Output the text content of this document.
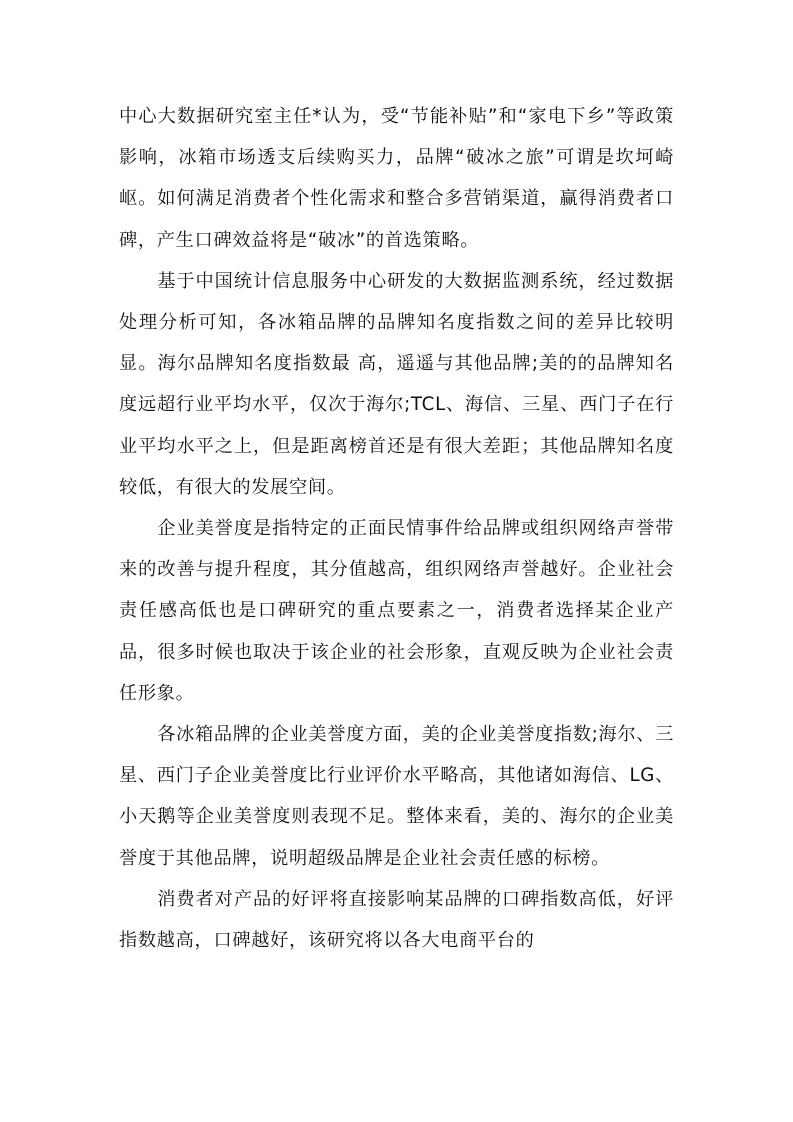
中心大数据研究室主任*认为，受“节能补贴”和“家电下乡”等政策影响，冰箱市场透支后续购买力，品牌“破冰之旅”可谓是坎坷崎岖。如何满足消费者个性化需求和整合多营销渠道，赢得消费者口碑，产生口碑效益将是“破冰”的首选策略。

基于中国统计信息服务中心研发的大数据监测系统，经过数据处理分析可知，各冰箱品牌的品牌知名度指数之间的差异比较明显。海尔品牌知名度指数最 高，遥遥与其他品牌;美的的品牌知名度远超行业平均水平，仅次于海尔;TCL、海信、三星、西门子在行业平均水平之上，但是距离榜首还是有很大差距；其他品牌知名度较低，有很大的发展空间。

企业美誉度是指特定的正面民情事件给品牌或组织网络声誉带来的改善与提升程度，其分值越高，组织网络声誉越好。企业社会责任感高低也是口碑研究的重点要素之一，消费者选择某企业产品，很多时候也取决于该企业的社会形象，直观反映为企业社会责任形象。

各冰箱品牌的企业美誉度方面，美的企业美誉度指数;海尔、三星、西门子企业美誉度比行业评价水平略高，其他诸如海信、LG、小天鹅等企业美誉度则表现不足。整体来看，美的、海尔的企业美誉度于其他品牌，说明超级品牌是企业社会责任感的标榜。

消费者对产品的好评将直接影响某品牌的口碑指数高低，好评指数越高，口碑越好，该研究将以各大电商平台的
